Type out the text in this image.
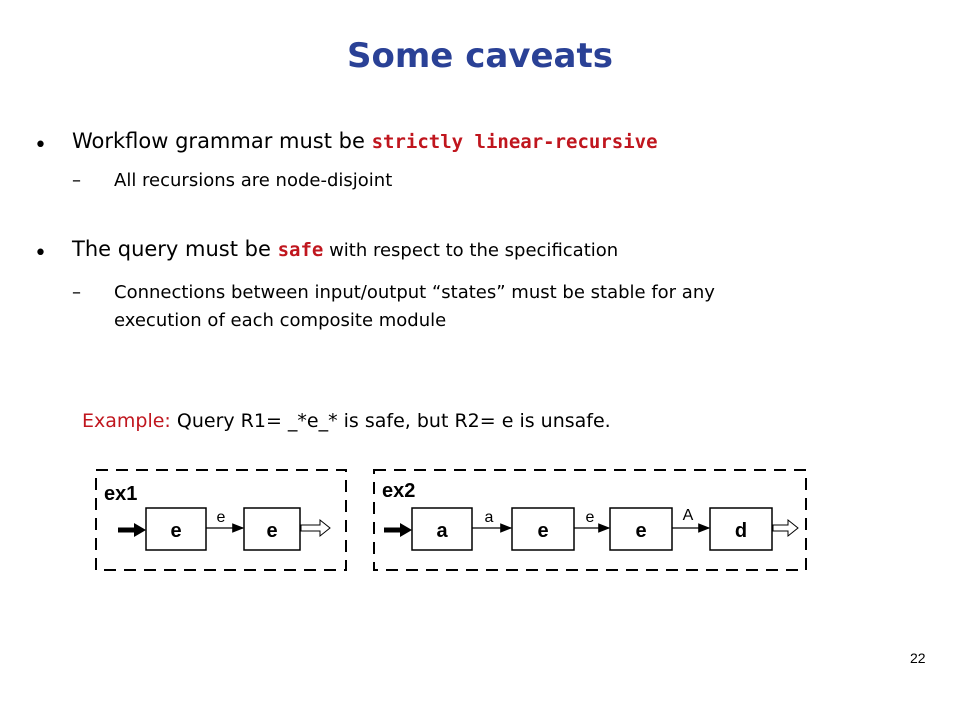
Some caveats
• Workflow grammar must be strictly linear-recursive
– All recursions are node-disjoint
• The query must be safe with respect to the specification
– Connections between input/output “states” must be stable for any
execution of each composite module
Example: Query R1= _*e_* is safe, but R2= e is unsafe.
ex1
e
e
e
ex2
a
a
e
e
e
A
d
22
